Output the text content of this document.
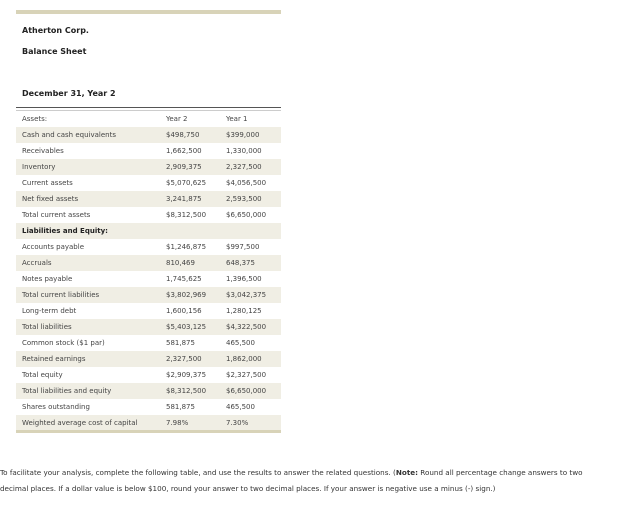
Atherton Corp.
Balance Sheet
December 31, Year 2
Assets:	Year 2	Year 1
Cash and cash equivalents	$498,750	$399,000
Receivables	1,662,500	1,330,000
Inventory	2,909,375	2,327,500
Current assets	$5,070,625	$4,056,500
Net fixed assets	3,241,875	2,593,500
Total current assets	$8,312,500	$6,650,000
Liabilities and Equity:		
Accounts payable	$1,246,875	$997,500
Accruals	810,469	648,375
Notes payable	1,745,625	1,396,500
Total current liabilities	$3,802,969	$3,042,375
Long-term debt	1,600,156	1,280,125
Total liabilities	$5,403,125	$4,322,500
Common stock ($1 par)	581,875	465,500
Retained earnings	2,327,500	1,862,000
Total equity	$2,909,375	$2,327,500
Total liabilities and equity	$8,312,500	$6,650,000
Shares outstanding	581,875	465,500
Weighted average cost of capital	7.98%	7.30%
To facilitate your analysis, complete the following table, and use the results to answer the related questions. (Note: Round all percentage change answers to two decimal places. If a dollar value is below $100, round your answer to two decimal places. If your answer is negative use a minus (-) sign.)
